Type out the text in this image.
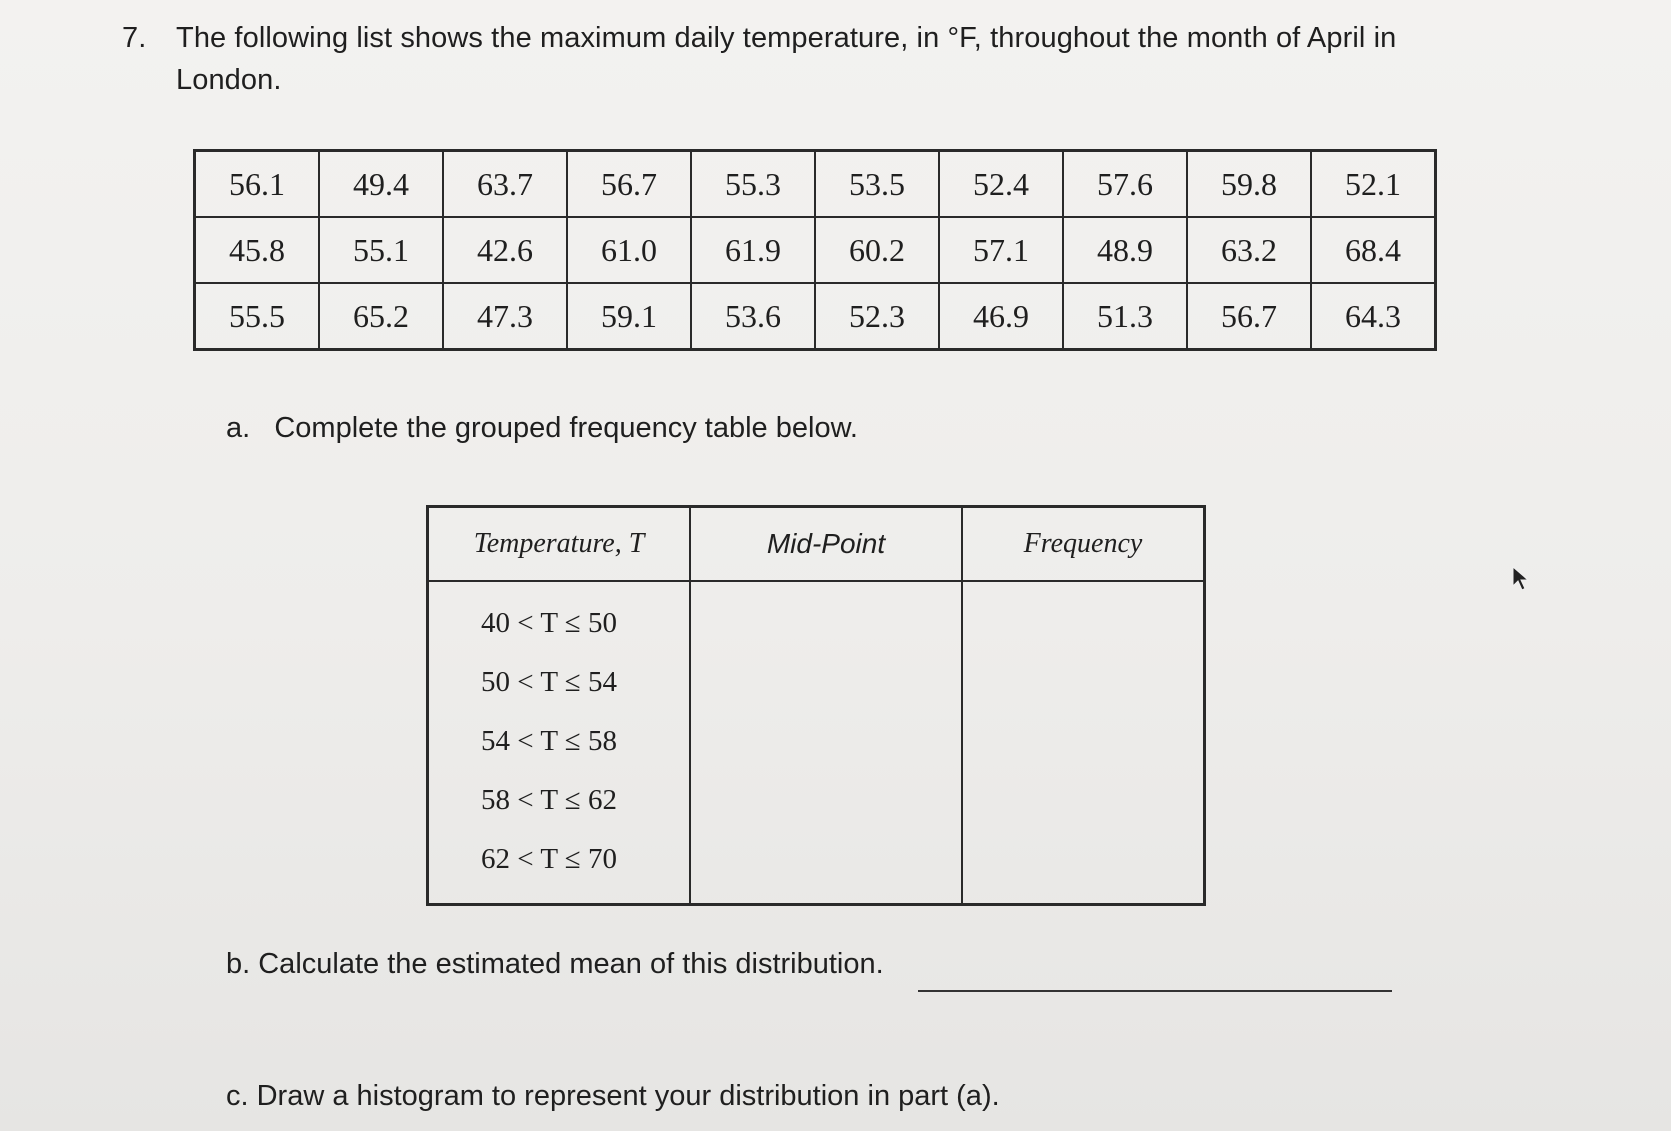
7. The following list shows the maximum daily temperature, in °F, throughout the month of April in
London.
56.1	49.4	63.7	56.7	55.3	53.5	52.4	57.6	59.8	52.1
45.8	55.1	42.6	61.0	61.9	60.2	57.1	48.9	63.2	68.4
55.5	65.2	47.3	59.1	53.6	52.3	46.9	51.3	56.7	64.3
a. Complete the grouped frequency table below.
Temperature, T	Mid-Point	Frequency
40 < T ≤ 50		
50 < T ≤ 54		
54 < T ≤ 58		
58 < T ≤ 62		
62 < T ≤ 70		
b. Calculate the estimated mean of this distribution.
c. Draw a histogram to represent your distribution in part (a).
